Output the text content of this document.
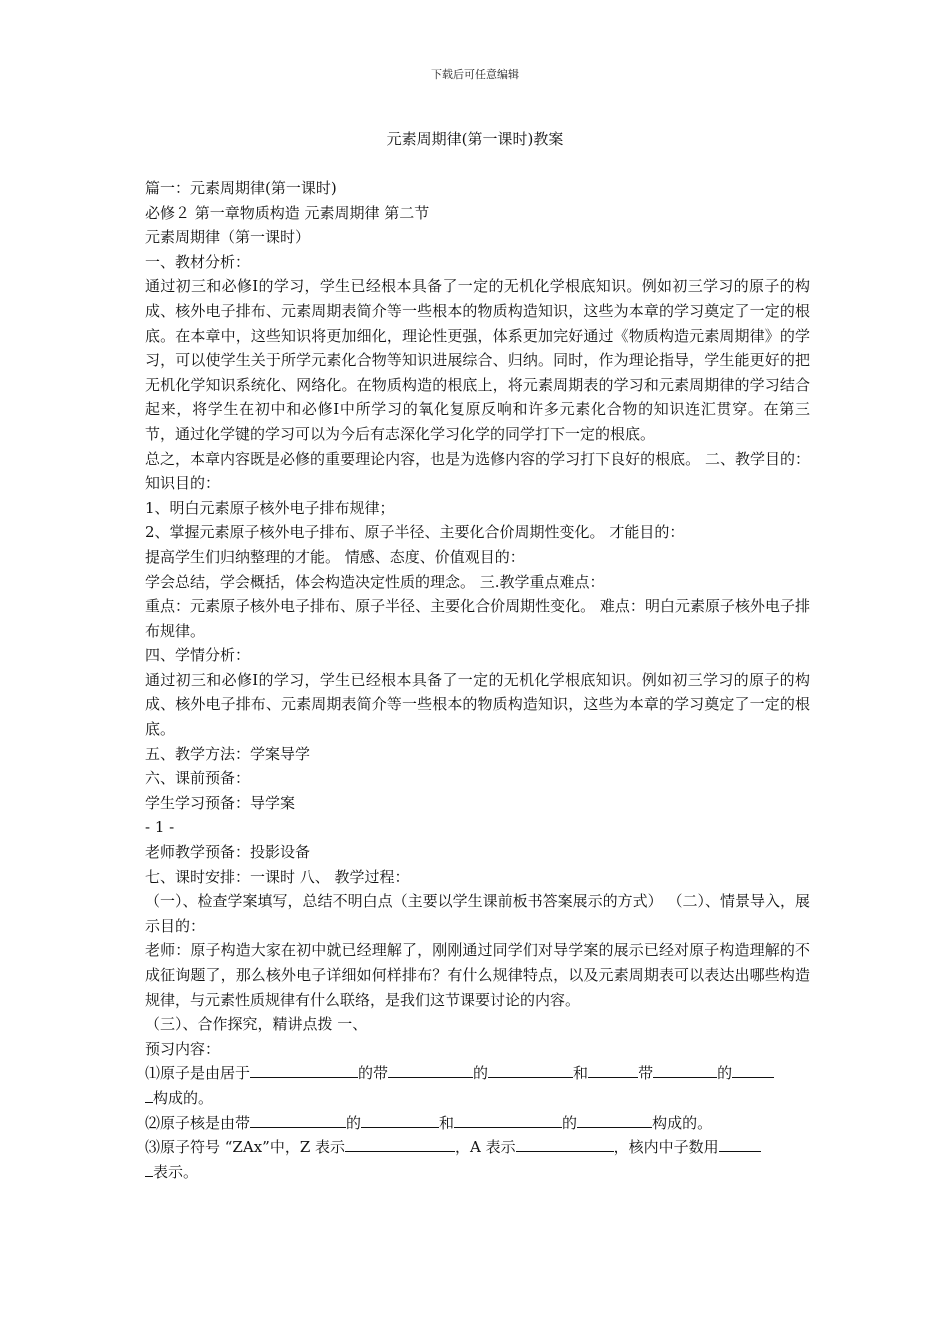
下载后可任意编辑
元素周期律(第一课时)教案
篇一：元素周期律(第一课时)
必修２ 第一章物质构造 元素周期律 第二节
元素周期律（第一课时）
一、教材分析：
通过初三和必修Ⅰ的学习，学生已经根本具备了一定的无机化学根底知识。例如初三学习的原子的构成、核外电子排布、元素周期表简介等一些根本的物质构造知识，这些为本章的学习奠定了一定的根底。在本章中，这些知识将更加细化，理论性更强，体系更加完好通过《物质构造元素周期律》的学习，可以使学生关于所学元素化合物等知识进展综合、归纳。同时，作为理论指导，学生能更好的把无机化学知识系统化、网络化。在物质构造的根底上，将元素周期表的学习和元素周期律的学习结合起来，将学生在初中和必修Ⅰ中所学习的氧化复原反响和许多元素化合物的知识连汇贯穿。在第三节，通过化学键的学习可以为今后有志深化学习化学的同学打下一定的根底。
总之，本章内容既是必修的重要理论内容，也是为选修内容的学习打下良好的根底。 二、教学目的： 知识目的：
1、明白元素原子核外电子排布规律；
2、掌握元素原子核外电子排布、原子半径、主要化合价周期性变化。 才能目的：
提高学生们归纳整理的才能。 情感、态度、价值观目的：
学会总结，学会概括，体会构造决定性质的理念。 三.教学重点难点：
重点：元素原子核外电子排布、原子半径、主要化合价周期性变化。 难点：明白元素原子核外电子排布规律。
四、学情分析：
通过初三和必修Ⅰ的学习，学生已经根本具备了一定的无机化学根底知识。例如初三学习的原子的构成、核外电子排布、元素周期表简介等一些根本的物质构造知识，这些为本章的学习奠定了一定的根底。
五、教学方法：学案导学
六、课前预备：
学生学习预备：导学案
- 1 -
老师教学预备：投影设备
七、课时安排：一课时 八、 教学过程：
（一）、检查学案填写，总结不明白点（主要以学生课前板书答案展示的方式） （二）、情景导入，展示目的：
老师：原子构造大家在初中就已经理解了，刚刚通过同学们对导学案的展示已经对原子构造理解的不成征询题了，那么核外电子详细如何样排布？有什么规律特点，以及元素周期表可以表达出哪些构造规律，与元素性质规律有什么联络，是我们这节课要讨论的内容。
（三）、合作探究，精讲点拨 一、
预习内容：
⑴原子是由居于	的带	的	和	带	的
构成的。
⑵原子核是由带	的	和	的	构成的。
⑶原子符号 “ZAx”中，Z 表示	，A 表示	，核内中子数用
表示。
